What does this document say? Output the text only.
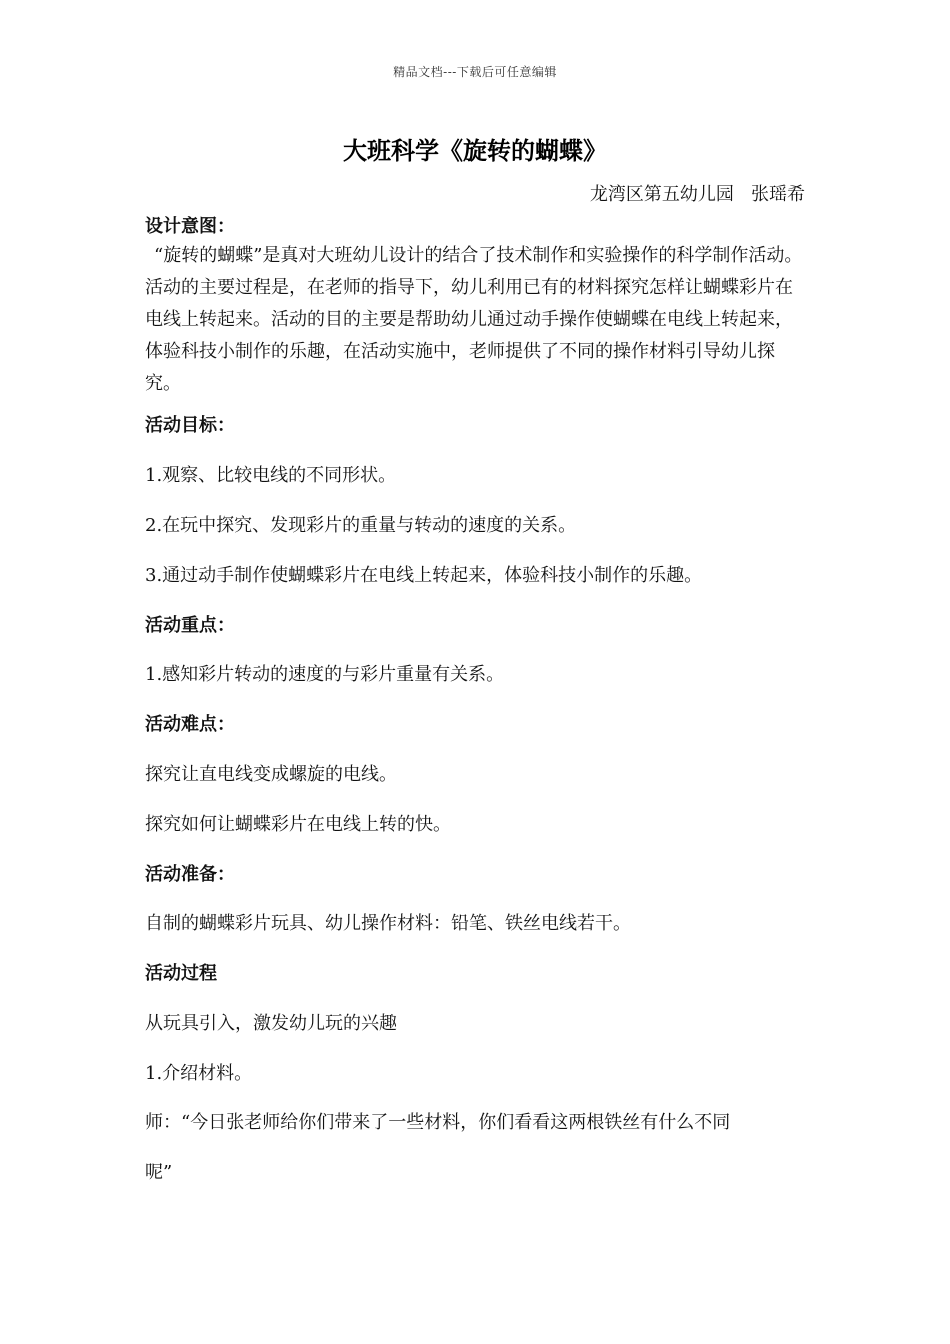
精品文档---下载后可任意编辑
大班科学《旋转的蝴蝶》
龙湾区第五幼儿园   张瑶希
设计意图：
“旋转的蝴蝶”是真对大班幼儿设计的结合了技术制作和实验操作的科学制作活动。活动的主要过程是，在老师的指导下，幼儿利用已有的材料探究怎样让蝴蝶彩片在电线上转起来。活动的目的主要是帮助幼儿通过动手操作使蝴蝶在电线上转起来，体验科技小制作的乐趣，在活动实施中，老师提供了不同的操作材料引导幼儿探究。
活动目标：
1.观察、比较电线的不同形状。
2.在玩中探究、发现彩片的重量与转动的速度的关系。
3.通过动手制作使蝴蝶彩片在电线上转起来，体验科技小制作的乐趣。
活动重点：
1.感知彩片转动的速度的与彩片重量有关系。
活动难点：
探究让直电线变成螺旋的电线。
探究如何让蝴蝶彩片在电线上转的快。
活动准备：
自制的蝴蝶彩片玩具、幼儿操作材料：铅笔、铁丝电线若干。
活动过程
从玩具引入，激发幼儿玩的兴趣
1.介绍材料。
师：“今日张老师给你们带来了一些材料，你们看看这两根铁丝有什么不同
呢”
